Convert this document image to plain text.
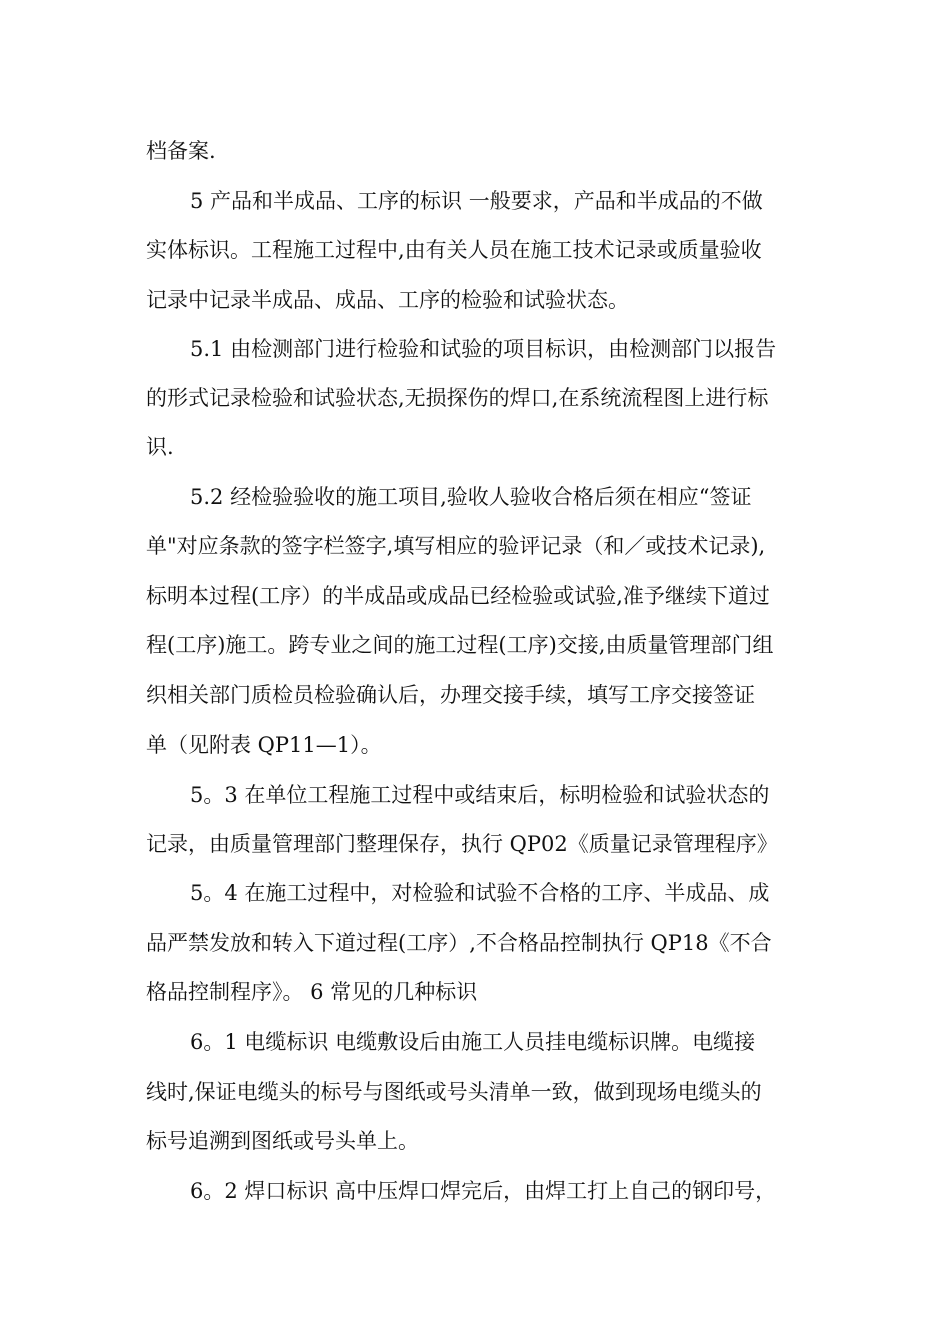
档备案.
5 产品和半成品、工序的标识 一般要求，产品和半成品的不做
实体标识。工程施工过程中,由有关人员在施工技术记录或质量验收
记录中记录半成品、成品、工序的检验和试验状态。
5.1 由检测部门进行检验和试验的项目标识，由检测部门以报告
的形式记录检验和试验状态,无损探伤的焊口,在系统流程图上进行标
识.
5.2 经检验验收的施工项目,验收人验收合格后须在相应“签证
单"对应条款的签字栏签字,填写相应的验评记录（和／或技术记录),
标明本过程(工序）的半成品或成品已经检验或试验,准予继续下道过
程(工序)施工。跨专业之间的施工过程(工序)交接,由质量管理部门组
织相关部门质检员检验确认后，办理交接手续，填写工序交接签证
单（见附表 QP11—1）。
5。3 在单位工程施工过程中或结束后，标明检验和试验状态的
记录，由质量管理部门整理保存，执行 QP02《质量记录管理程序》
5。4 在施工过程中，对检验和试验不合格的工序、半成品、成
品严禁发放和转入下道过程(工序）,不合格品控制执行 QP18《不合
格品控制程序》。 6 常见的几种标识
6。1 电缆标识 电缆敷设后由施工人员挂电缆标识牌。电缆接
线时,保证电缆头的标号与图纸或号头清单一致，做到现场电缆头的
标号追溯到图纸或号头单上。
6。2 焊口标识 高中压焊口焊完后，由焊工打上自己的钢印号，
